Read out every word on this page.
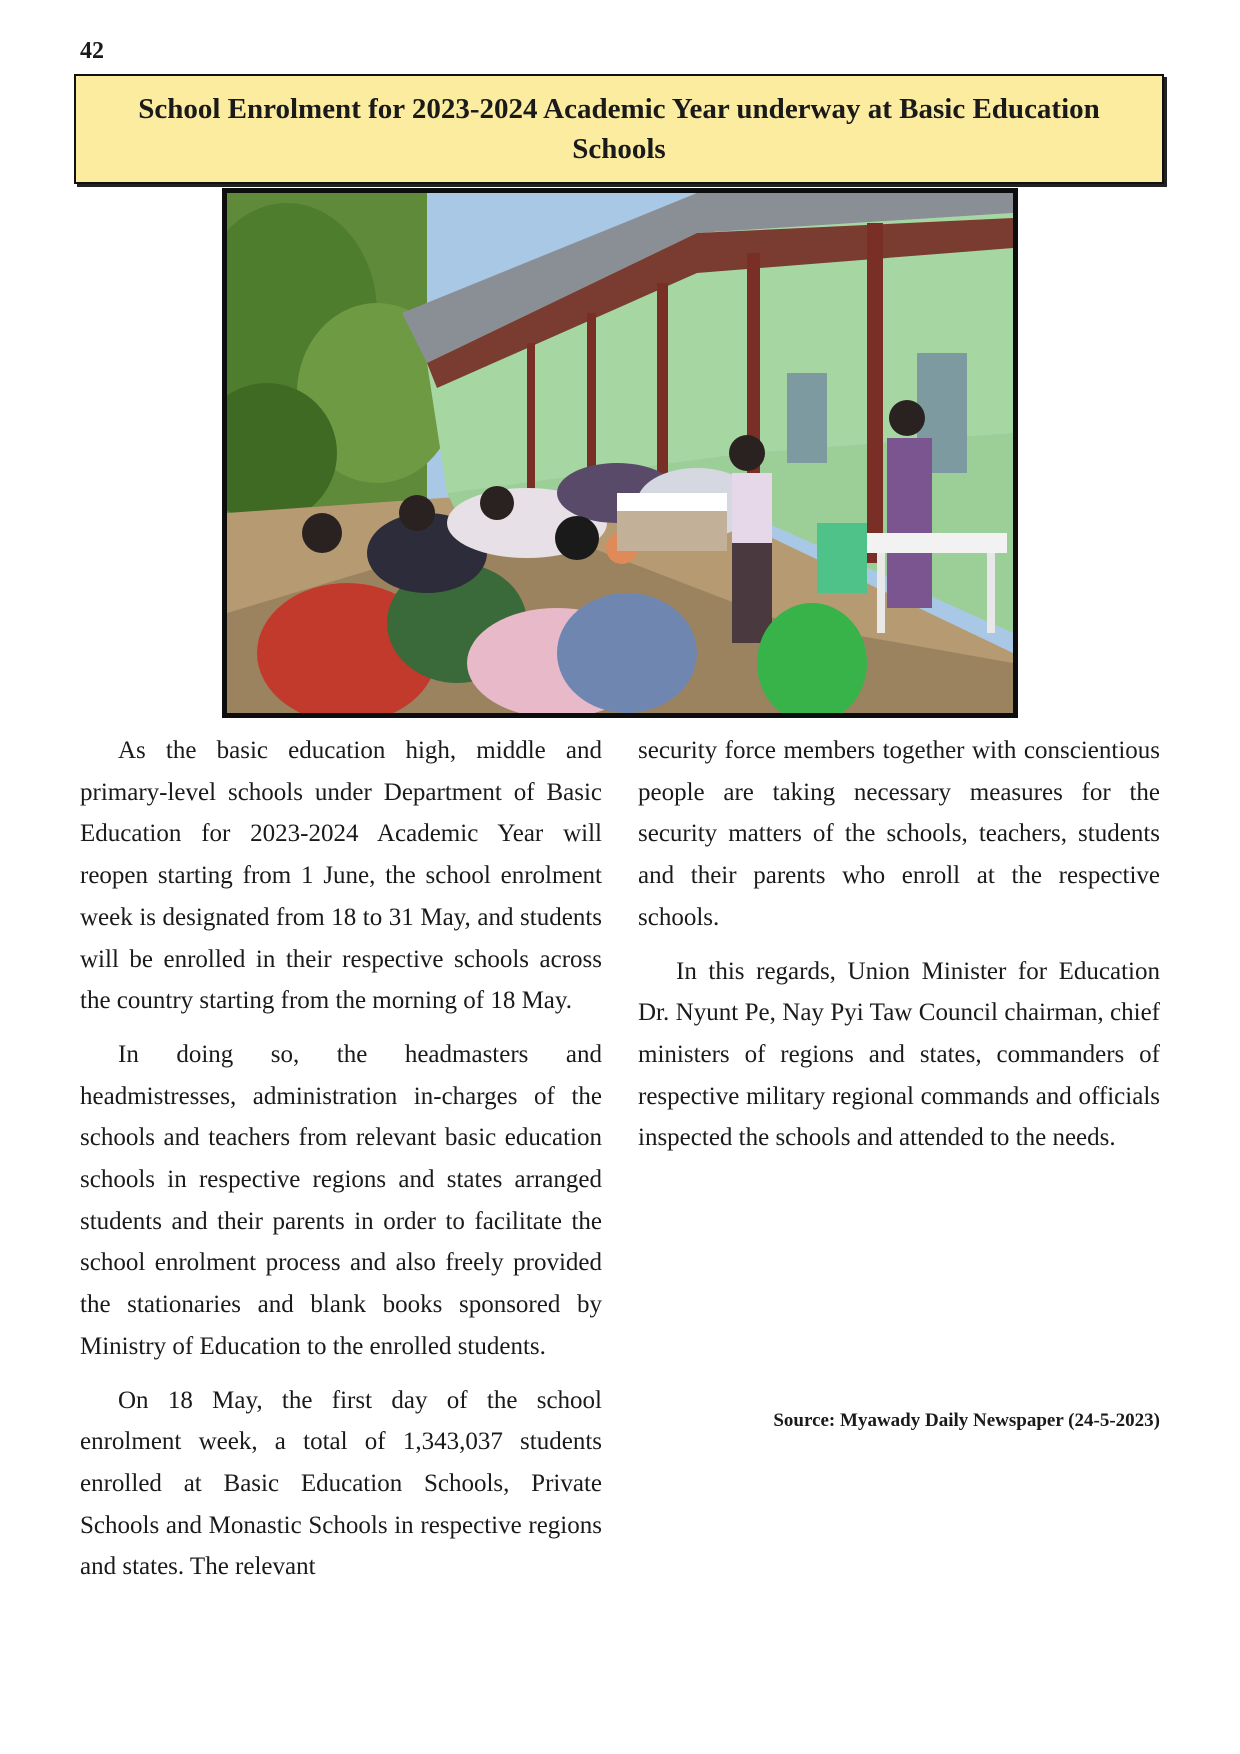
42
School Enrolment for 2023-2024 Academic Year underway at Basic Education Schools

As the basic education high, middle and primary-level schools under Department of Basic Education for 2023-2024 Academic Year will reopen starting from 1 June, the school enrolment week is designated from 18 to 31 May, and students will be enrolled in their respective schools across the country starting from the morning of 18 May.

In doing so, the headmasters and headmistresses, administration in-charges of the schools and teachers from relevant basic education schools in respective regions and states arranged students and their parents in order to facilitate the school enrolment process and also freely provided the stationaries and blank books sponsored by Ministry of Education to the enrolled students.

On 18 May, the first day of the school enrolment week, a total of 1,343,037 students enrolled at Basic Education Schools, Private Schools and Monastic Schools in respective regions and states. The relevant

security force members together with conscientious people are taking necessary measures for the security matters of the schools, teachers, students and their parents who enroll at the respective schools.

In this regards, Union Minister for Education Dr. Nyunt Pe, Nay Pyi Taw Council chairman, chief ministers of regions and states, commanders of respective military regional commands and officials inspected the schools and attended to the needs.

Source: Myawady Daily Newspaper (24-5-2023)
